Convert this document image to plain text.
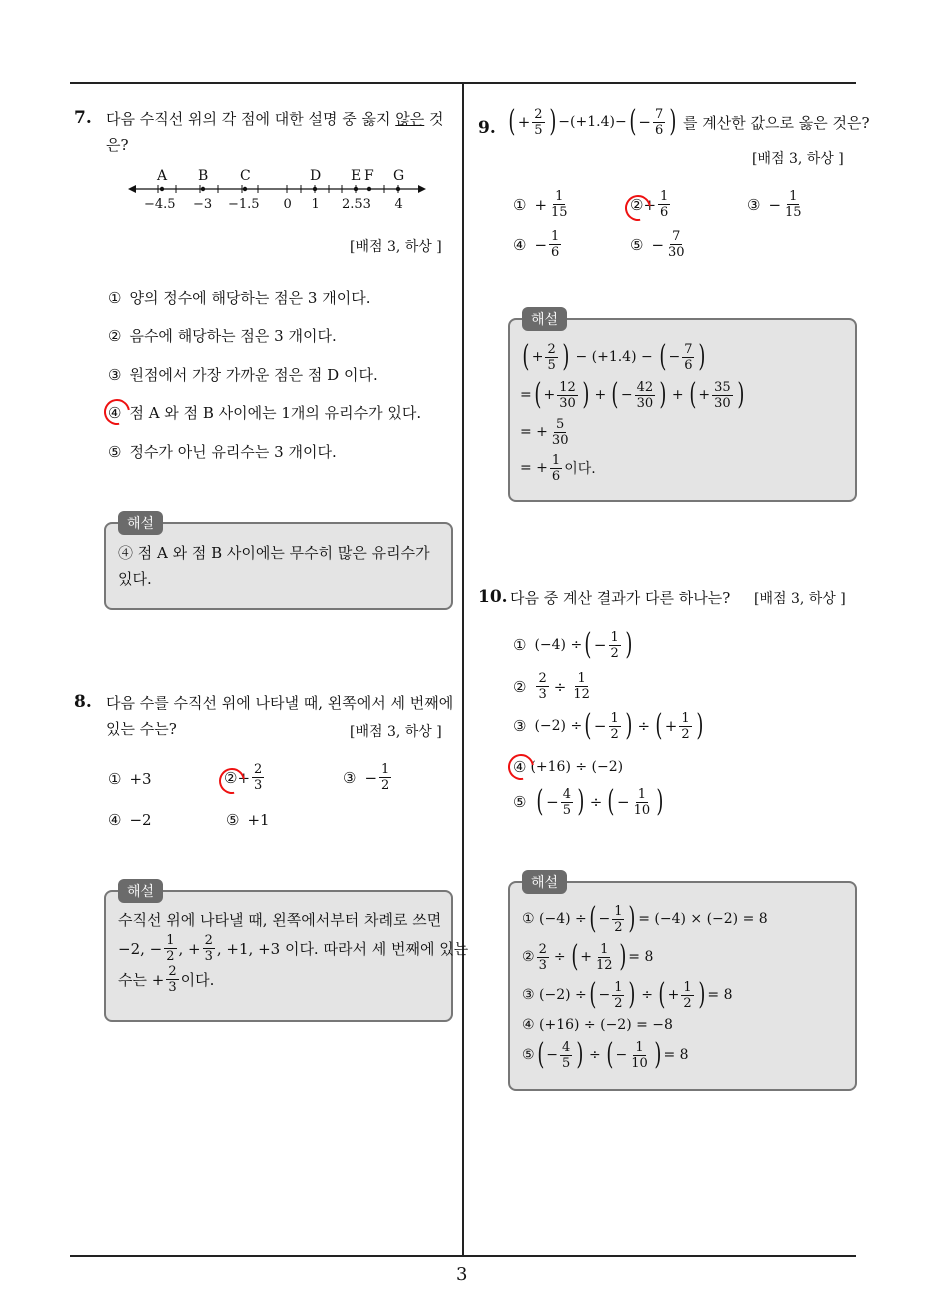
3
7. 다음 수직선 위의 각 점에 대한 설명 중 옳지 않은 것
은?
A B C	D E F G
−4.5 −3 −1.5 0 1 2.53 4
[배점 3, 하상 ]
① 양의 정수에 해당하는 점은 3 개이다.
② 음수에 해당하는 점은 3 개이다.
③ 원점에서 가장 가까운 점은 점 D 이다.
④ 점 A 와 점 B 사이에는 1개의 유리수가 있다.
⑤ 정수가 아닌 유리수는 3 개이다.
해설
④ 점 A 와 점 B 사이에는 무수히 많은 유리수가
있다.
8. 다음 수를 수직선 위에 나타낼 때, 왼쪽에서 세 번째에
있는 수는?	[배점 3, 하상 ]
① +3	② + $\frac{2}{3}$	③ − $\frac{1}{2}$
④ −2	⑤ +1
해설
수직선 위에 나타낼 때, 왼쪽에서부터 차례로 쓰면
−2, − $\frac{1}{2}$ , + $\frac{2}{3}$ , +1, +3 이다. 따라서 세 번째에 있는
수는 + $\frac{2}{3}$ 이다.
9. ( + $\frac{2}{5}$ ) −(+1.4)− ( − $\frac{7}{6}$ ) 를 계산한 값으로 옳은 것은?
[배점 3, 하상 ]
① + $\frac{1}{15}$	② + $\frac{1}{6}$	③ − $\frac{1}{15}$
④ − $\frac{1}{6}$	⑤ − $\frac{7}{30}$
해설
( + $\frac{2}{5}$ ) − (+1.4) − ( − $\frac{7}{6}$ )
= ( + $\frac{12}{30}$ ) + ( − $\frac{42}{30}$ ) + ( + $\frac{35}{30}$ )
= + $\frac{5}{30}$
= + $\frac{1}{6}$ 이다.
10. 다음 중 계산 결과가 다른 하나는? [배점 3, 하상 ]
① (−4) ÷ ( − $\frac{1}{2}$ )
② $\frac{2}{3} \div \frac{1}{12}$
③ (−2) ÷ ( − $\frac{1}{2}$ ) ÷ ( + $\frac{1}{2}$ )
④ (+16) ÷ (−2)
⑤ ( − $\frac{4}{5}$ ) ÷ ( − $\frac{1}{10}$ )
해설
① (−4) ÷ ( − $\frac{1}{2}$ ) = (−4) × (−2) = 8
② $\frac{2}{3}$ ÷ ( + $\frac{1}{12}$ ) = 8
③ (−2) ÷ ( − $\frac{1}{2}$ ) ÷ ( + $\frac{1}{2}$ ) = 8
④ (+16) ÷ (−2) = −8
⑤ ( − $\frac{4}{5}$ ) ÷ ( − $\frac{1}{10}$ ) = 8
